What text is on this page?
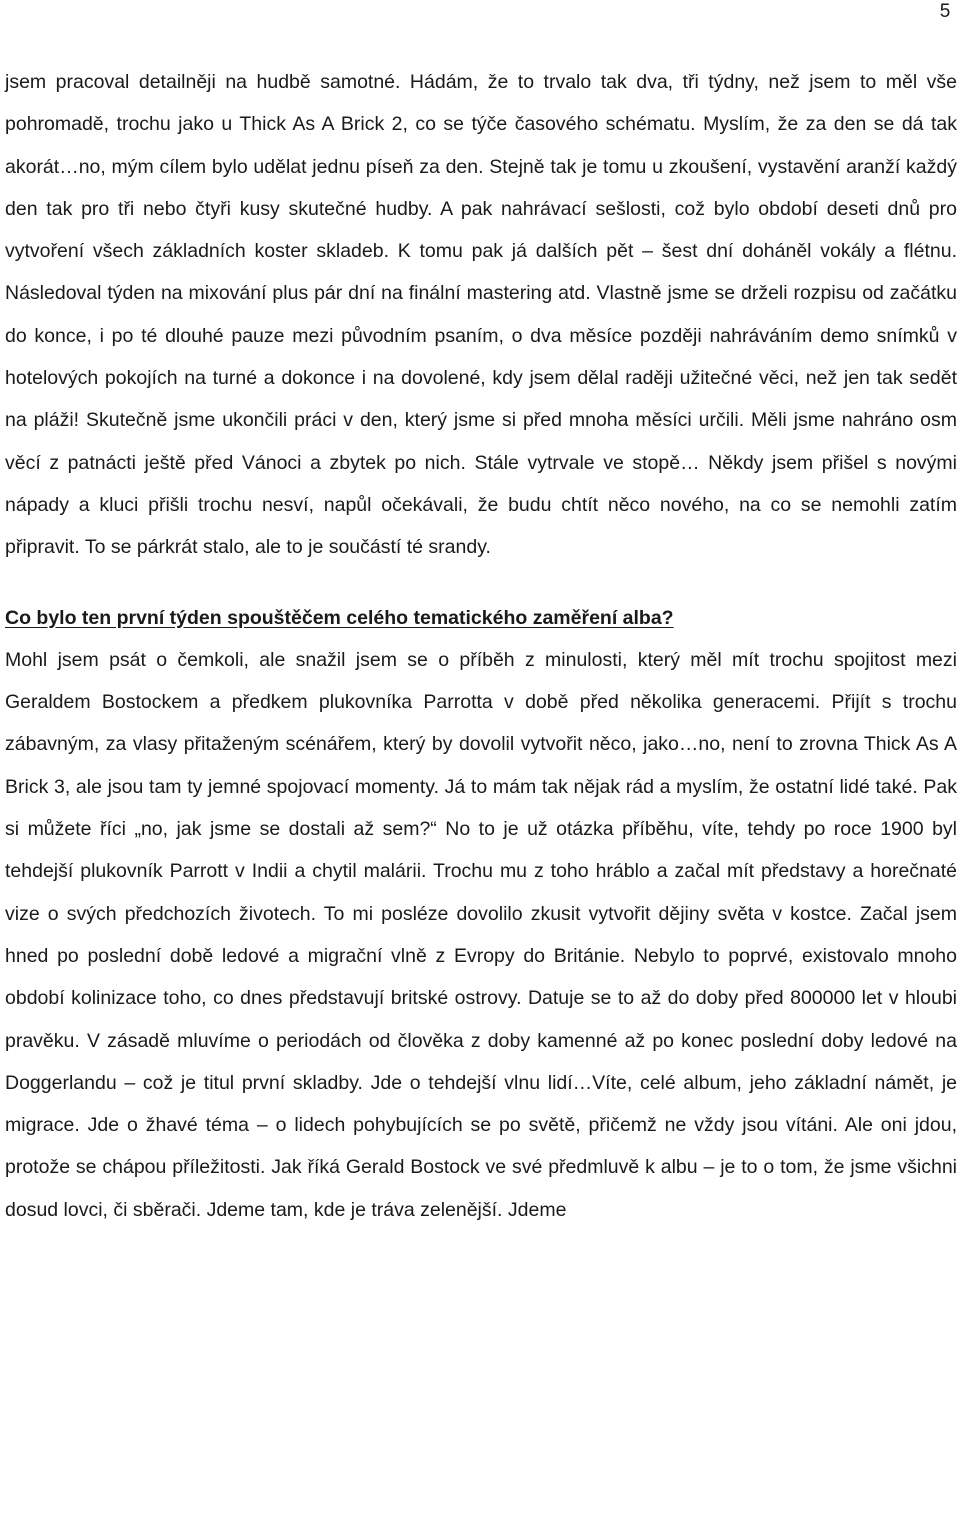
5

jsem pracoval detailněji na hudbě samotné. Hádám, že to trvalo tak dva, tři týdny, než jsem to měl vše pohromadě, trochu jako u Thick As A Brick 2, co se týče časového schématu. Myslím, že za den se dá tak akorát…no, mým cílem bylo udělat jednu píseň za den. Stejně tak je tomu u zkoušení, vystavění aranží každý den tak pro tři nebo čtyři kusy skutečné hudby. A pak nahrávací sešlosti, což bylo období deseti dnů pro vytvoření všech základních koster skladeb. K tomu pak já dalších pět – šest dní doháněl vokály a flétnu. Následoval týden na mixování plus pár dní na finální mastering atd. Vlastně jsme se drželi rozpisu od začátku do konce, i po té dlouhé pauze mezi původním psaním, o dva měsíce později nahráváním demo snímků v hotelových pokojích na turné a dokonce i na dovolené, kdy jsem dělal raději užitečné věci, než jen tak sedět na pláži! Skutečně jsme ukončili práci v den, který jsme si před mnoha měsíci určili. Měli jsme nahráno osm věcí z patnácti ještě před Vánoci a zbytek po nich. Stále vytrvale ve stopě… Někdy jsem přišel s novými nápady a kluci přišli trochu nesví, napůl očekávali, že budu chtít něco nového, na co se nemohli zatím připravit. To se párkrát stalo, ale to je součástí té srandy.

Co bylo ten první týden spouštěčem celého tematického zaměření alba?

Mohl jsem psát o čemkoli, ale snažil jsem se o příběh z minulosti, který měl mít trochu spojitost mezi Geraldem Bostockem a předkem plukovníka Parrotta v době před několika generacemi. Přijít s trochu zábavným, za vlasy přitaženým scénářem, který by dovolil vytvořit něco, jako…no, není to zrovna Thick As A Brick 3, ale jsou tam ty jemné spojovací momenty. Já to mám tak nějak rád a myslím, že ostatní lidé také. Pak si můžete říci „no, jak jsme se dostali až sem?“ No to je už otázka příběhu, víte, tehdy po roce 1900 byl tehdejší plukovník Parrott v Indii a chytil malárii. Trochu mu z toho hráblo a začal mít představy a horečnaté vize o svých předchozích životech. To mi posléze dovolilo zkusit vytvořit dějiny světa v kostce. Začal jsem hned po poslední době ledové a migrační vlně z Evropy do Británie. Nebylo to poprvé, existovalo mnoho období kolinizace toho, co dnes představují britské ostrovy. Datuje se to až do doby před 800000 let v hloubi pravěku. V zásadě mluvíme o periodách od člověka z doby kamenné až po konec poslední doby ledové na Doggerlandu – což je titul první skladby. Jde o tehdejší vlnu lidí…Víte, celé album, jeho základní námět, je migrace. Jde o žhavé téma – o lidech pohybujících se po světě, přičemž ne vždy jsou vítáni. Ale oni jdou, protože se chápou příležitosti. Jak říká Gerald Bostock ve své předmluvě k albu – je to o tom, že jsme všichni dosud lovci, či sběrači. Jdeme tam, kde je tráva zelenější. Jdeme
